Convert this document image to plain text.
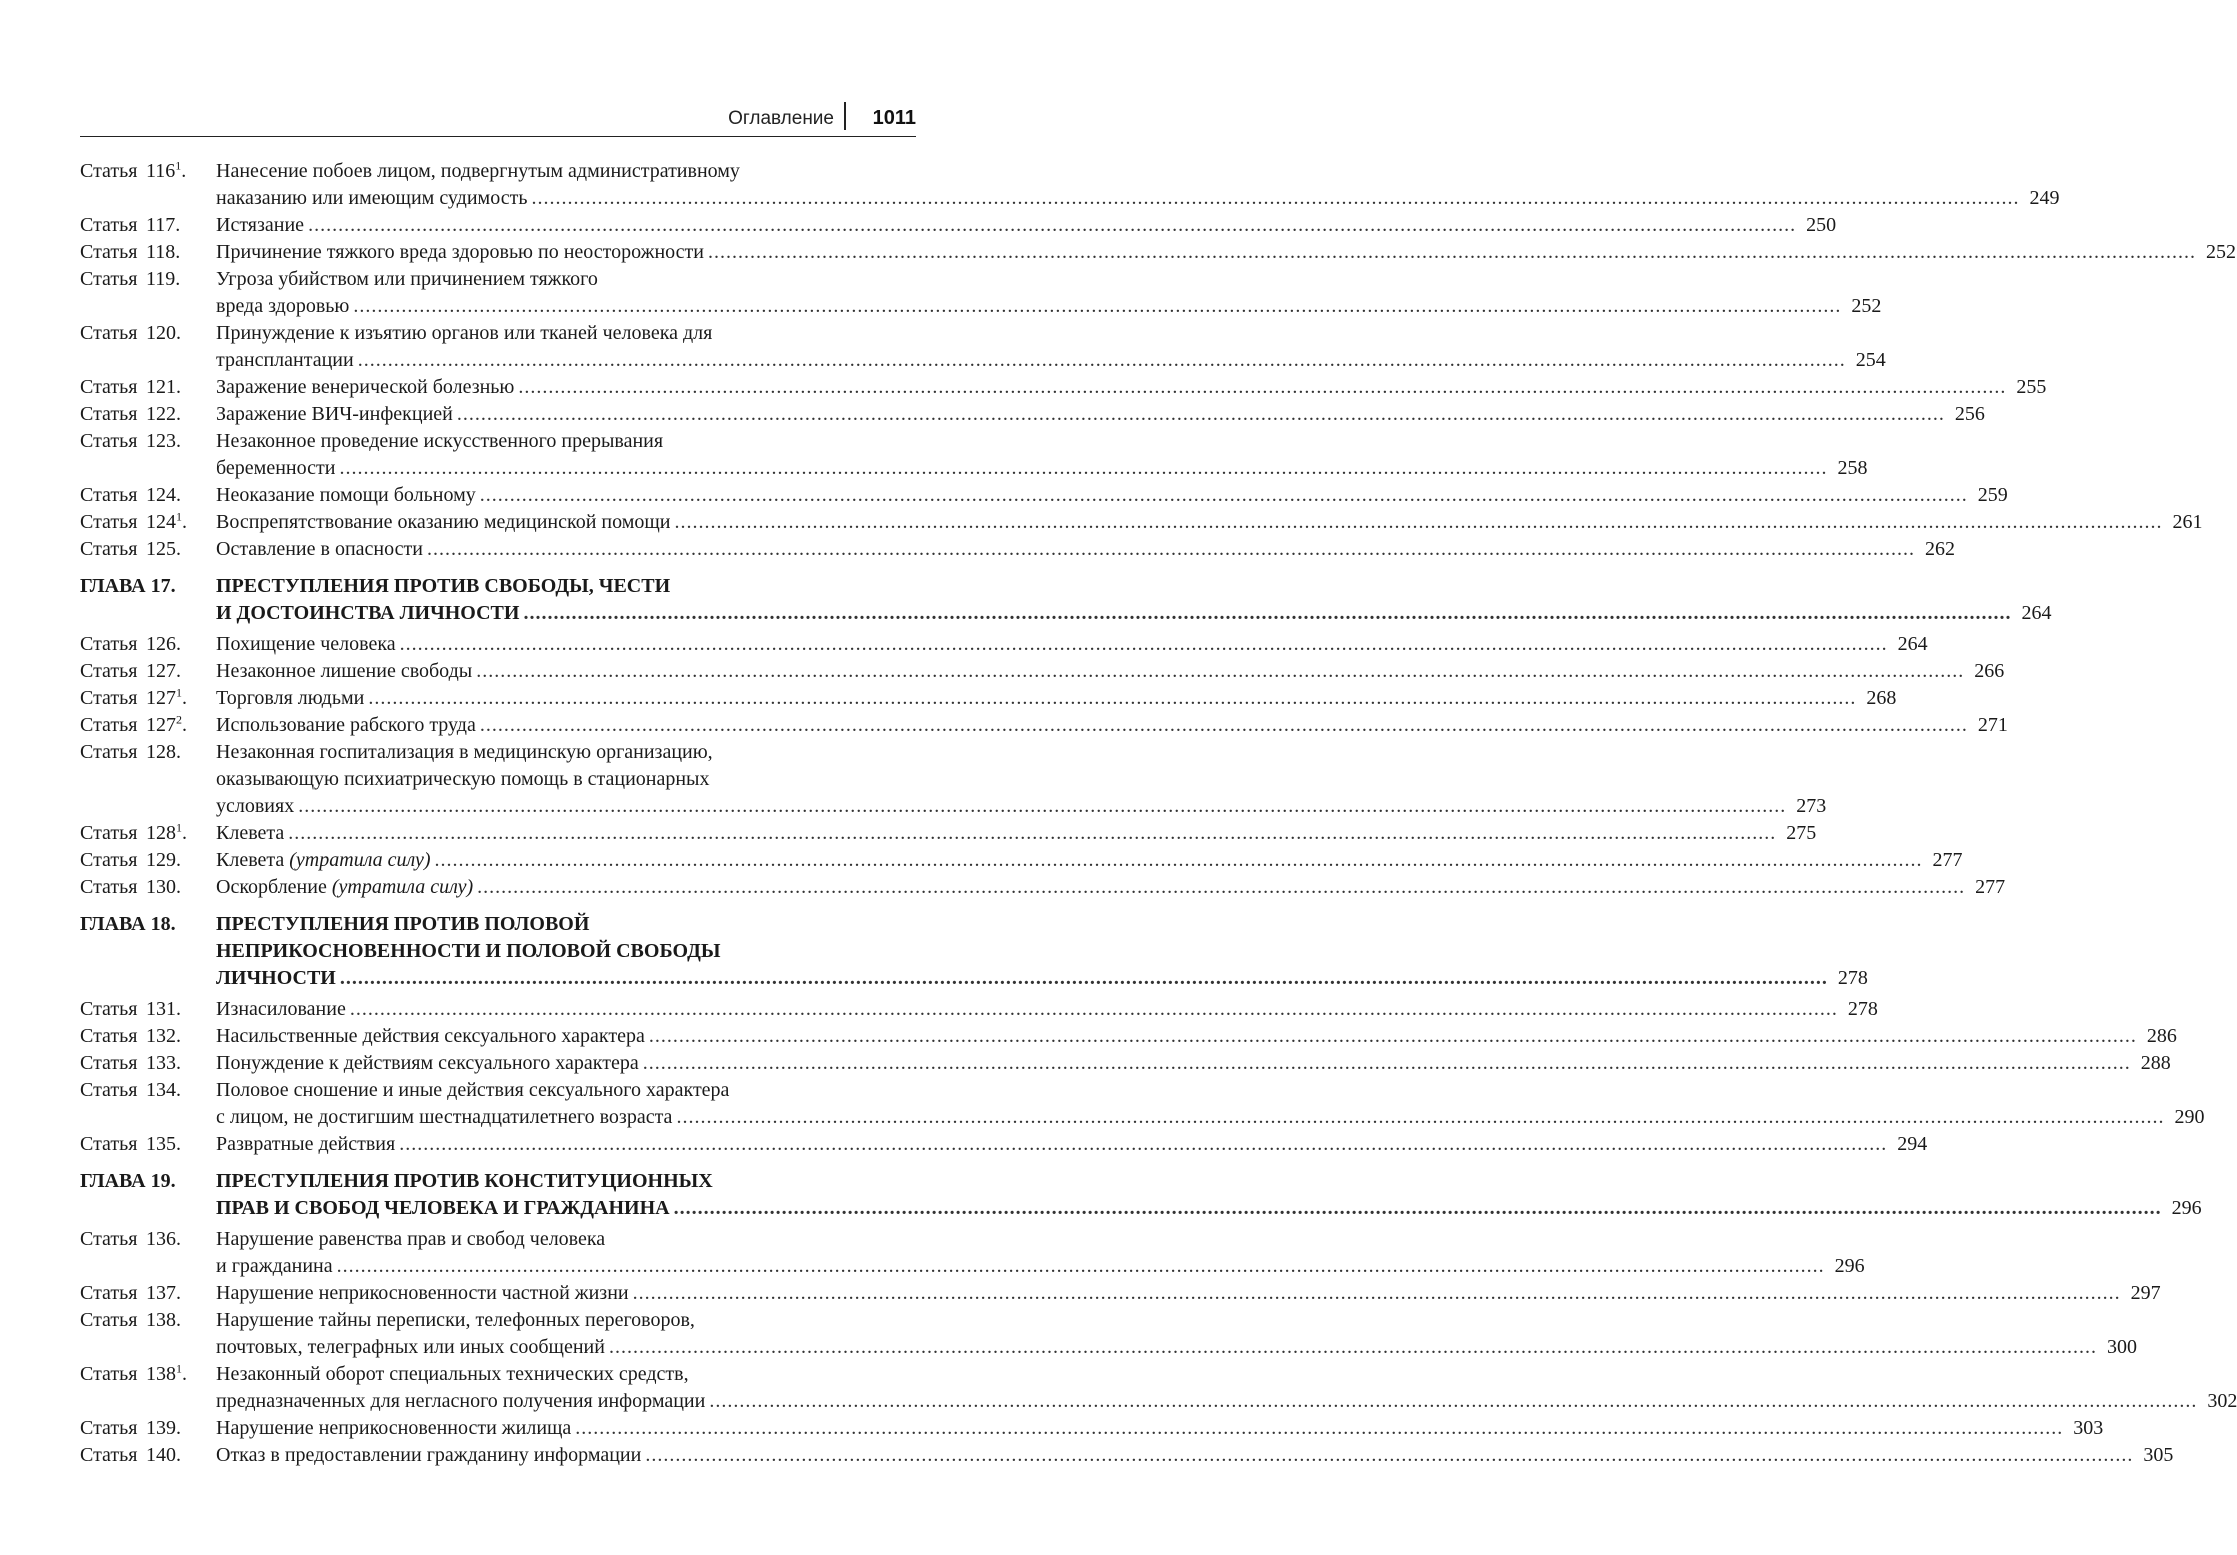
Оглавление 1011
Статья $116^1$.	Нанесение побоев лицом, подвергнутым административному
наказанию или имеющим судимость .....	249
Статья 117.	Истязание .....	250
Статья 118.	Причинение тяжкого вреда здоровью по неосторожности .....	252
Статья 119.	Угроза убийством или причинением тяжкого
вреда здоровью .....	252
Статья 120.	Принуждение к изъятию органов или тканей человека для
трансплантации .....	254
Статья 121.	Заражение венерической болезнью .....	255
Статья 122.	Заражение ВИЧ-инфекцией .....	256
Статья 123.	Незаконное проведение искусственного прерывания
беременности .....	258
Статья 124.	Неоказание помощи больному .....	259
Статья $124^1$.	Воспрепятствование оказанию медицинской помощи .....	261
Статья 125.	Оставление в опасности .....	262
ГЛАВА 17.	ПРЕСТУПЛЕНИЯ ПРОТИВ СВОБОДЫ, ЧЕСТИ
И ДОСТОИНСТВА ЛИЧНОСТИ .....	264
Статья 126.	Похищение человека .....	264
Статья 127.	Незаконное лишение свободы .....	266
Статья $127^1$.	Торговля людьми .....	268
Статья $127^2$.	Использование рабского труда .....	271
Статья 128.	Незаконная госпитализация в медицинскую организацию,
оказывающую психиатрическую помощь в стационарных
условиях .....	273
Статья $128^1$.	Клевета .....	275
Статья 129.	Клевета (утратила силу) .....	277
Статья 130.	Оскорбление (утратила силу) .....	277
ГЛАВА 18.	ПРЕСТУПЛЕНИЯ ПРОТИВ ПОЛОВОЙ
НЕПРИКОСНОВЕННОСТИ И ПОЛОВОЙ СВОБОДЫ
ЛИЧНОСТИ .....	278
Статья 131.	Изнасилование .....	278
Статья 132.	Насильственные действия сексуального характера .....	286
Статья 133.	Понуждение к действиям сексуального характера .....	288
Статья 134.	Половое сношение и иные действия сексуального характера
с лицом, не достигшим шестнадцатилетнего возраста .....	290
Статья 135.	Развратные действия .....	294
ГЛАВА 19.	ПРЕСТУПЛЕНИЯ ПРОТИВ КОНСТИТУЦИОННЫХ
ПРАВ И СВОБОД ЧЕЛОВЕКА И ГРАЖДАНИНА .....	296
Статья 136.	Нарушение равенства прав и свобод человека
и гражданина .....	296
Статья 137.	Нарушение неприкосновенности частной жизни .....	297
Статья 138.	Нарушение тайны переписки, телефонных переговоров,
почтовых, телеграфных или иных сообщений .....	300
Статья $138^1$.	Незаконный оборот специальных технических средств,
предназначенных для негласного получения информации .....	302
Статья 139.	Нарушение неприкосновенности жилища .....	303
Статья 140.	Отказ в предоставлении гражданину информации .....	305
